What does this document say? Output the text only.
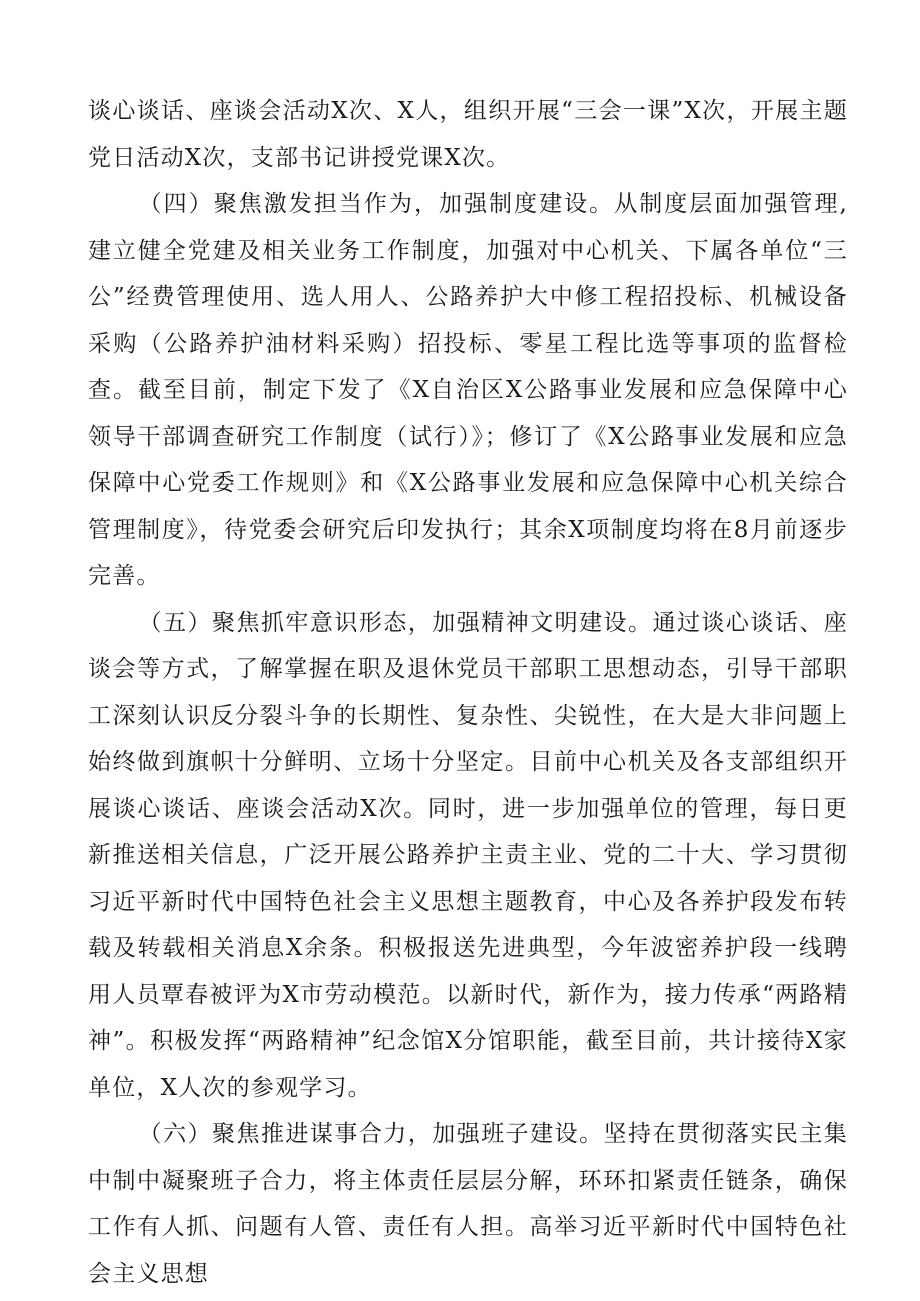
谈心谈话、座谈会活动X次、X人，组织开展“三会一课”X次，开展主题党日活动X次，支部书记讲授党课X次。

（四）聚焦激发担当作为，加强制度建设。从制度层面加强管理,建立健全党建及相关业务工作制度，加强对中心机关、下属各单位“三公”经费管理使用、选人用人、公路养护大中修工程招投标、机械设备采购（公路养护油材料采购）招投标、零星工程比选等事项的监督检查。截至目前，制定下发了《X自治区X公路事业发展和应急保障中心领导干部调查研究工作制度（试行）》；修订了《X公路事业发展和应急保障中心党委工作规则》和《X公路事业发展和应急保障中心机关综合管理制度》，待党委会研究后印发执行；其余X项制度均将在8月前逐步完善。

（五）聚焦抓牢意识形态，加强精神文明建设。通过谈心谈话、座谈会等方式，了解掌握在职及退休党员干部职工思想动态，引导干部职工深刻认识反分裂斗争的长期性、复杂性、尖锐性，在大是大非问题上始终做到旗帜十分鲜明、立场十分坚定。目前中心机关及各支部组织开展谈心谈话、座谈会活动X次。同时，进一步加强单位的管理，每日更新推送相关信息，广泛开展公路养护主责主业、党的二十大、学习贯彻习近平新时代中国特色社会主义思想主题教育，中心及各养护段发布转载及转载相关消息X余条。积极报送先进典型，今年波密养护段一线聘用人员覃春被评为X市劳动模范。以新时代，新作为，接力传承“两路精神”。积极发挥“两路精神”纪念馆X分馆职能，截至目前，共计接待X家单位，X人次的参观学习。

（六）聚焦推进谋事合力，加强班子建设。坚持在贯彻落实民主集中制中凝聚班子合力，将主体责任层层分解，环环扣紧责任链条，确保工作有人抓、问题有人管、责任有人担。高举习近平新时代中国特色社会主义思想
